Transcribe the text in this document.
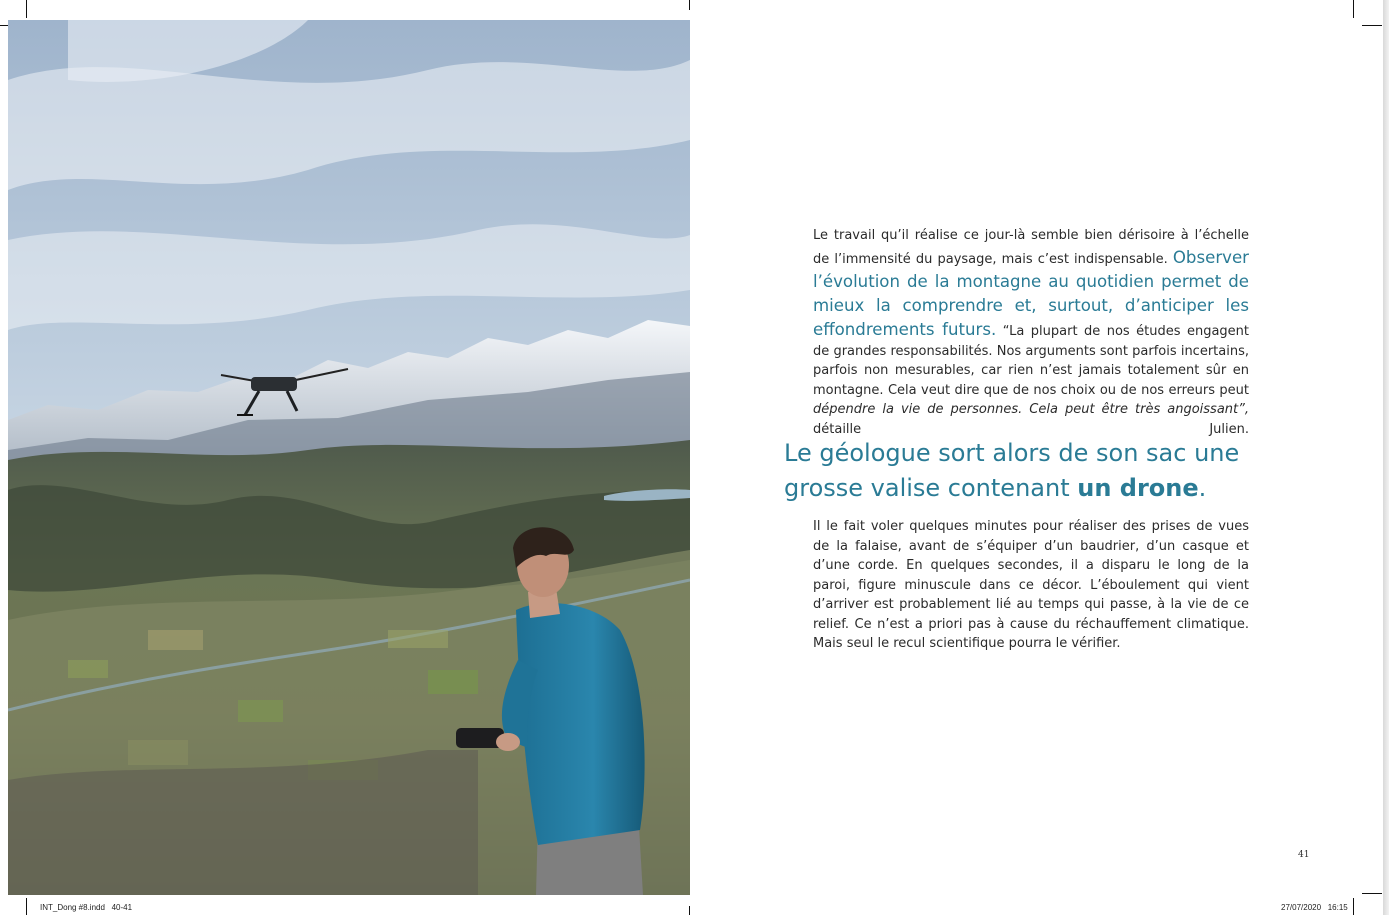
Le travail qu’il réalise ce jour-là semble bien dérisoire à l’échelle de l’immensité du paysage, mais c’est indispensable. Observer l’évolution de la montagne au quotidien permet de mieux la comprendre et, surtout, d’anticiper les effondrements futurs. “La plupart de nos études engagent de grandes responsabilités. Nos arguments sont parfois incertains, parfois non mesurables, car rien n’est jamais totalement sûr en montagne. Cela veut dire que de nos choix ou de nos erreurs peut dépendre la vie de personnes. Cela peut être très angoissant”, détaille Julien.

Le géologue sort alors de son sac une grosse valise contenant un drone.

Il le fait voler quelques minutes pour réaliser des prises de vues de la falaise, avant de s’équiper d’un baudrier, d’un casque et d’une corde. En quelques secondes, il a disparu le long de la paroi, figure minuscule dans ce décor. L’éboulement qui vient d’arriver est probablement lié au temps qui passe, à la vie de ce relief. Ce n’est a priori pas à cause du réchauffement climatique. Mais seul le recul scientifique pourra le vérifier.

41
INT_Dong #8.indd   40-41	27/07/2020   16:15
